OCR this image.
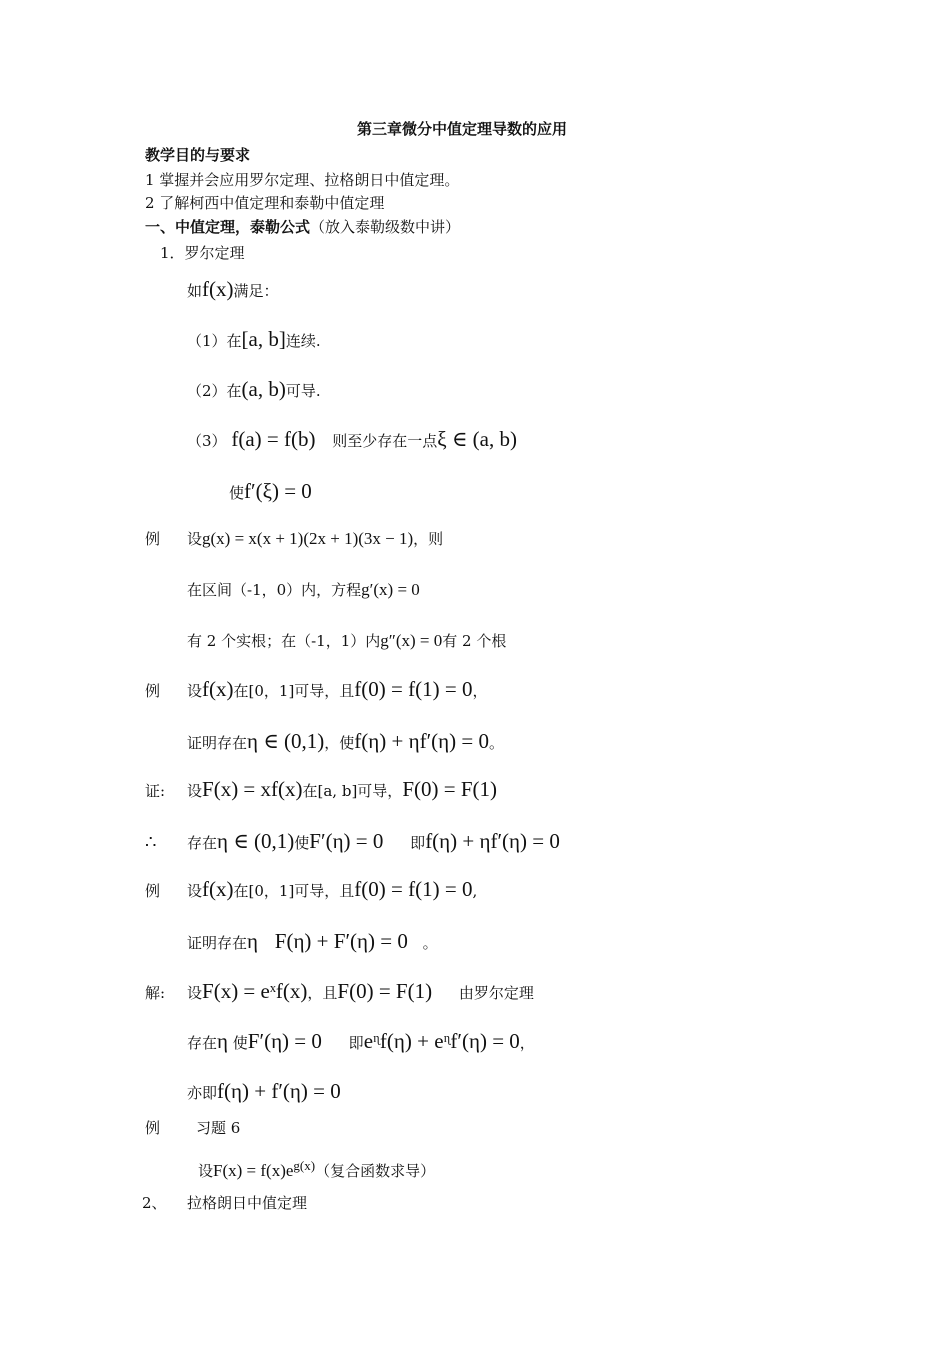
第三章微分中值定理导数的应用
教学目的与要求
1 掌握并会应用罗尔定理、拉格朗日中值定理。
2 了解柯西中值定理和泰勒中值定理
一、中值定理，泰勒公式（放入泰勒级数中讲）
1．罗尔定理
如f(x)满足：
（1）在[a, b]连续.
（2）在(a, b)可导.
（3） f(a) = f(b) 则至少存在一点ξ ∈ (a, b)
使f′(ξ) = 0
例 设g(x) = x(x + 1)(2x + 1)(3x − 1)，则
在区间（-1，0）内，方程g′(x) = 0
有 2 个实根；在（-1，1）内g″(x) = 0有 2 个根
例 设f(x)在[0，1]可导，且f(0) = f(1) = 0，
证明存在η ∈ (0,1)，使f(η) + ηf′(η) = 0。
证: 设F(x) = xf(x)在[a, b]可导，F(0) = F(1)
∴ 存在η ∈ (0,1)使F′(η) = 0 即f(η) + ηf′(η) = 0
例 设f(x)在[0，1]可导，且f(0) = f(1) = 0,
证明存在η F(η) + F′(η) = 0 。
解: 设F(x) = eˣf(x)，且F(0) = F(1) 由罗尔定理
存在η 使F′(η) = 0 即eᶯf(η) + eᶯf′(η) = 0，
亦即f(η) + f′(η) = 0
例 习题 6
设$F(x) = f(x)e^{g(x)}$（复合函数求导）
2、 拉格朗日中值定理
